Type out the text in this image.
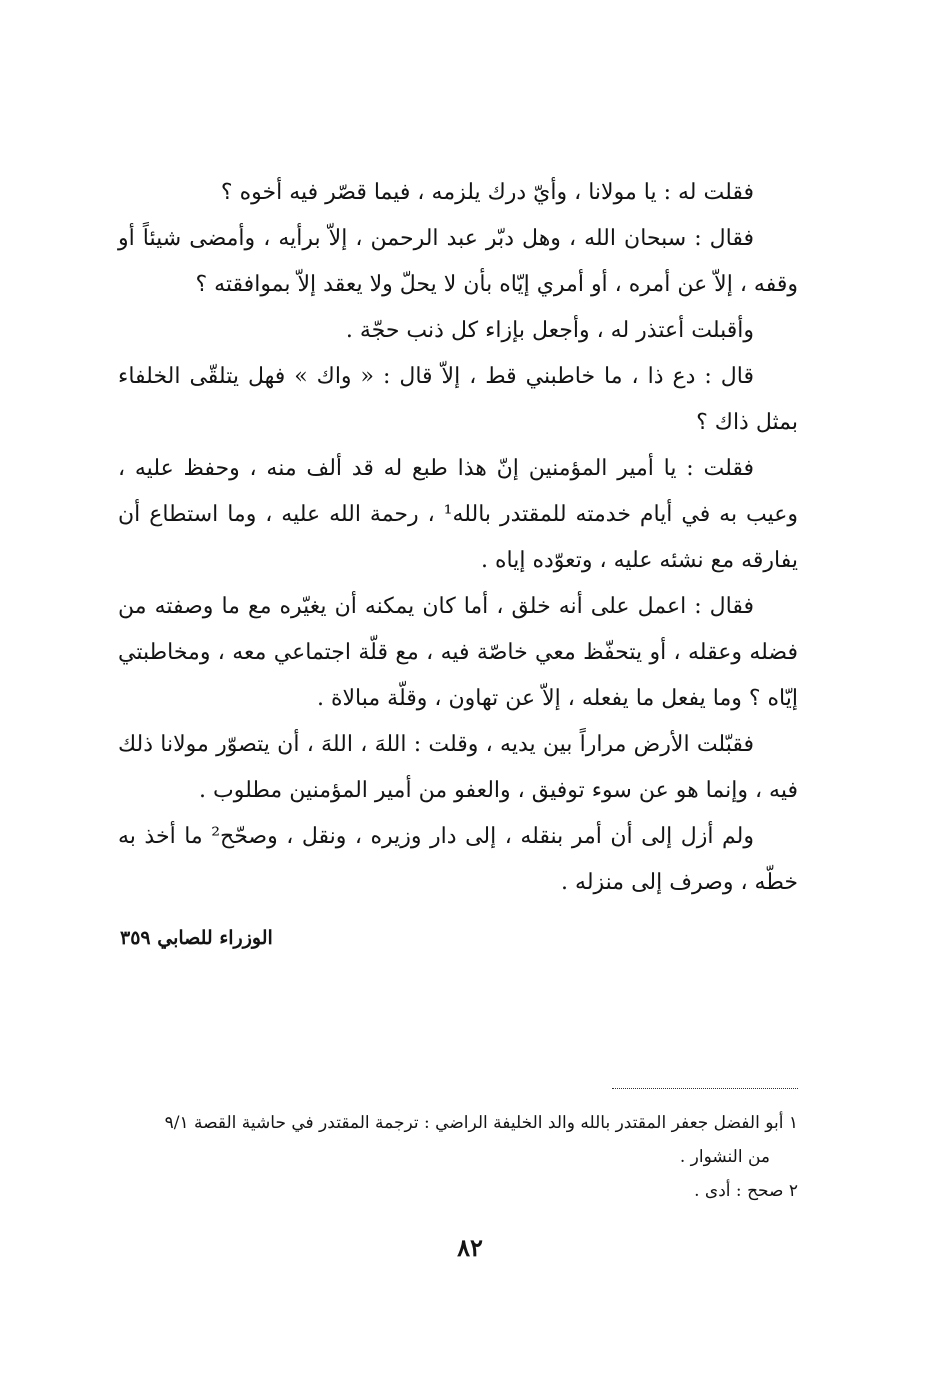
فقلت له : يا مولانا ، وأيّ درك يلزمه ، فيما قصّر فيه أخوه ؟

فقال : سبحان الله ، وهل دبّر عبد الرحمن ، إلاّ برأيه ، وأمضى شيئاً أو وقفه ، إلاّ عن أمره ، أو أمري إيّاه بأن لا يحلّ ولا يعقد إلاّ بموافقته ؟

وأقبلت أعتذر له ، وأجعل بإزاء كل ذنب حجّة .

قال : دع ذا ، ما خاطبني قط ، إلاّ قال : « واك » فهل يتلقّى الخلفاء بمثل ذاك ؟

فقلت : يا أمير المؤمنين إنّ هذا طبع له قد ألف منه ، وحفظ عليه ، وعيب به في أيام خدمته للمقتدر بالله¹ ، رحمة الله عليه ، وما استطاع أن يفارقه مع نشئه عليه ، وتعوّده إياه .

فقال : اعمل على أنه خلق ، أما كان يمكنه أن يغيّره مع ما وصفته من فضله وعقله ، أو يتحفّظ معي خاصّة فيه ، مع قلّة اجتماعي معه ، ومخاطبتي إيّاه ؟ وما يفعل ما يفعله ، إلاّ عن تهاون ، وقلّة مبالاة .

فقبّلت الأرض مراراً بين يديه ، وقلت : اللهَ ، اللهَ ، أن يتصوّر مولانا ذلك فيه ، وإنما هو عن سوء توفيق ، والعفو من أمير المؤمنين مطلوب .

ولم أزل إلى أن أمر بنقله ، إلى دار وزيره ، ونقل ، وصحّح² ما أخذ به خطّه ، وصرف إلى منزله .

الوزراء للصابي ٣٥٩

١ أبو الفضل جعفر المقتدر بالله والد الخليفة الراضي : ترجمة المقتدر في حاشية القصة ٩/١

من النشوار .

٢ صحح : أدى .

٨٢
